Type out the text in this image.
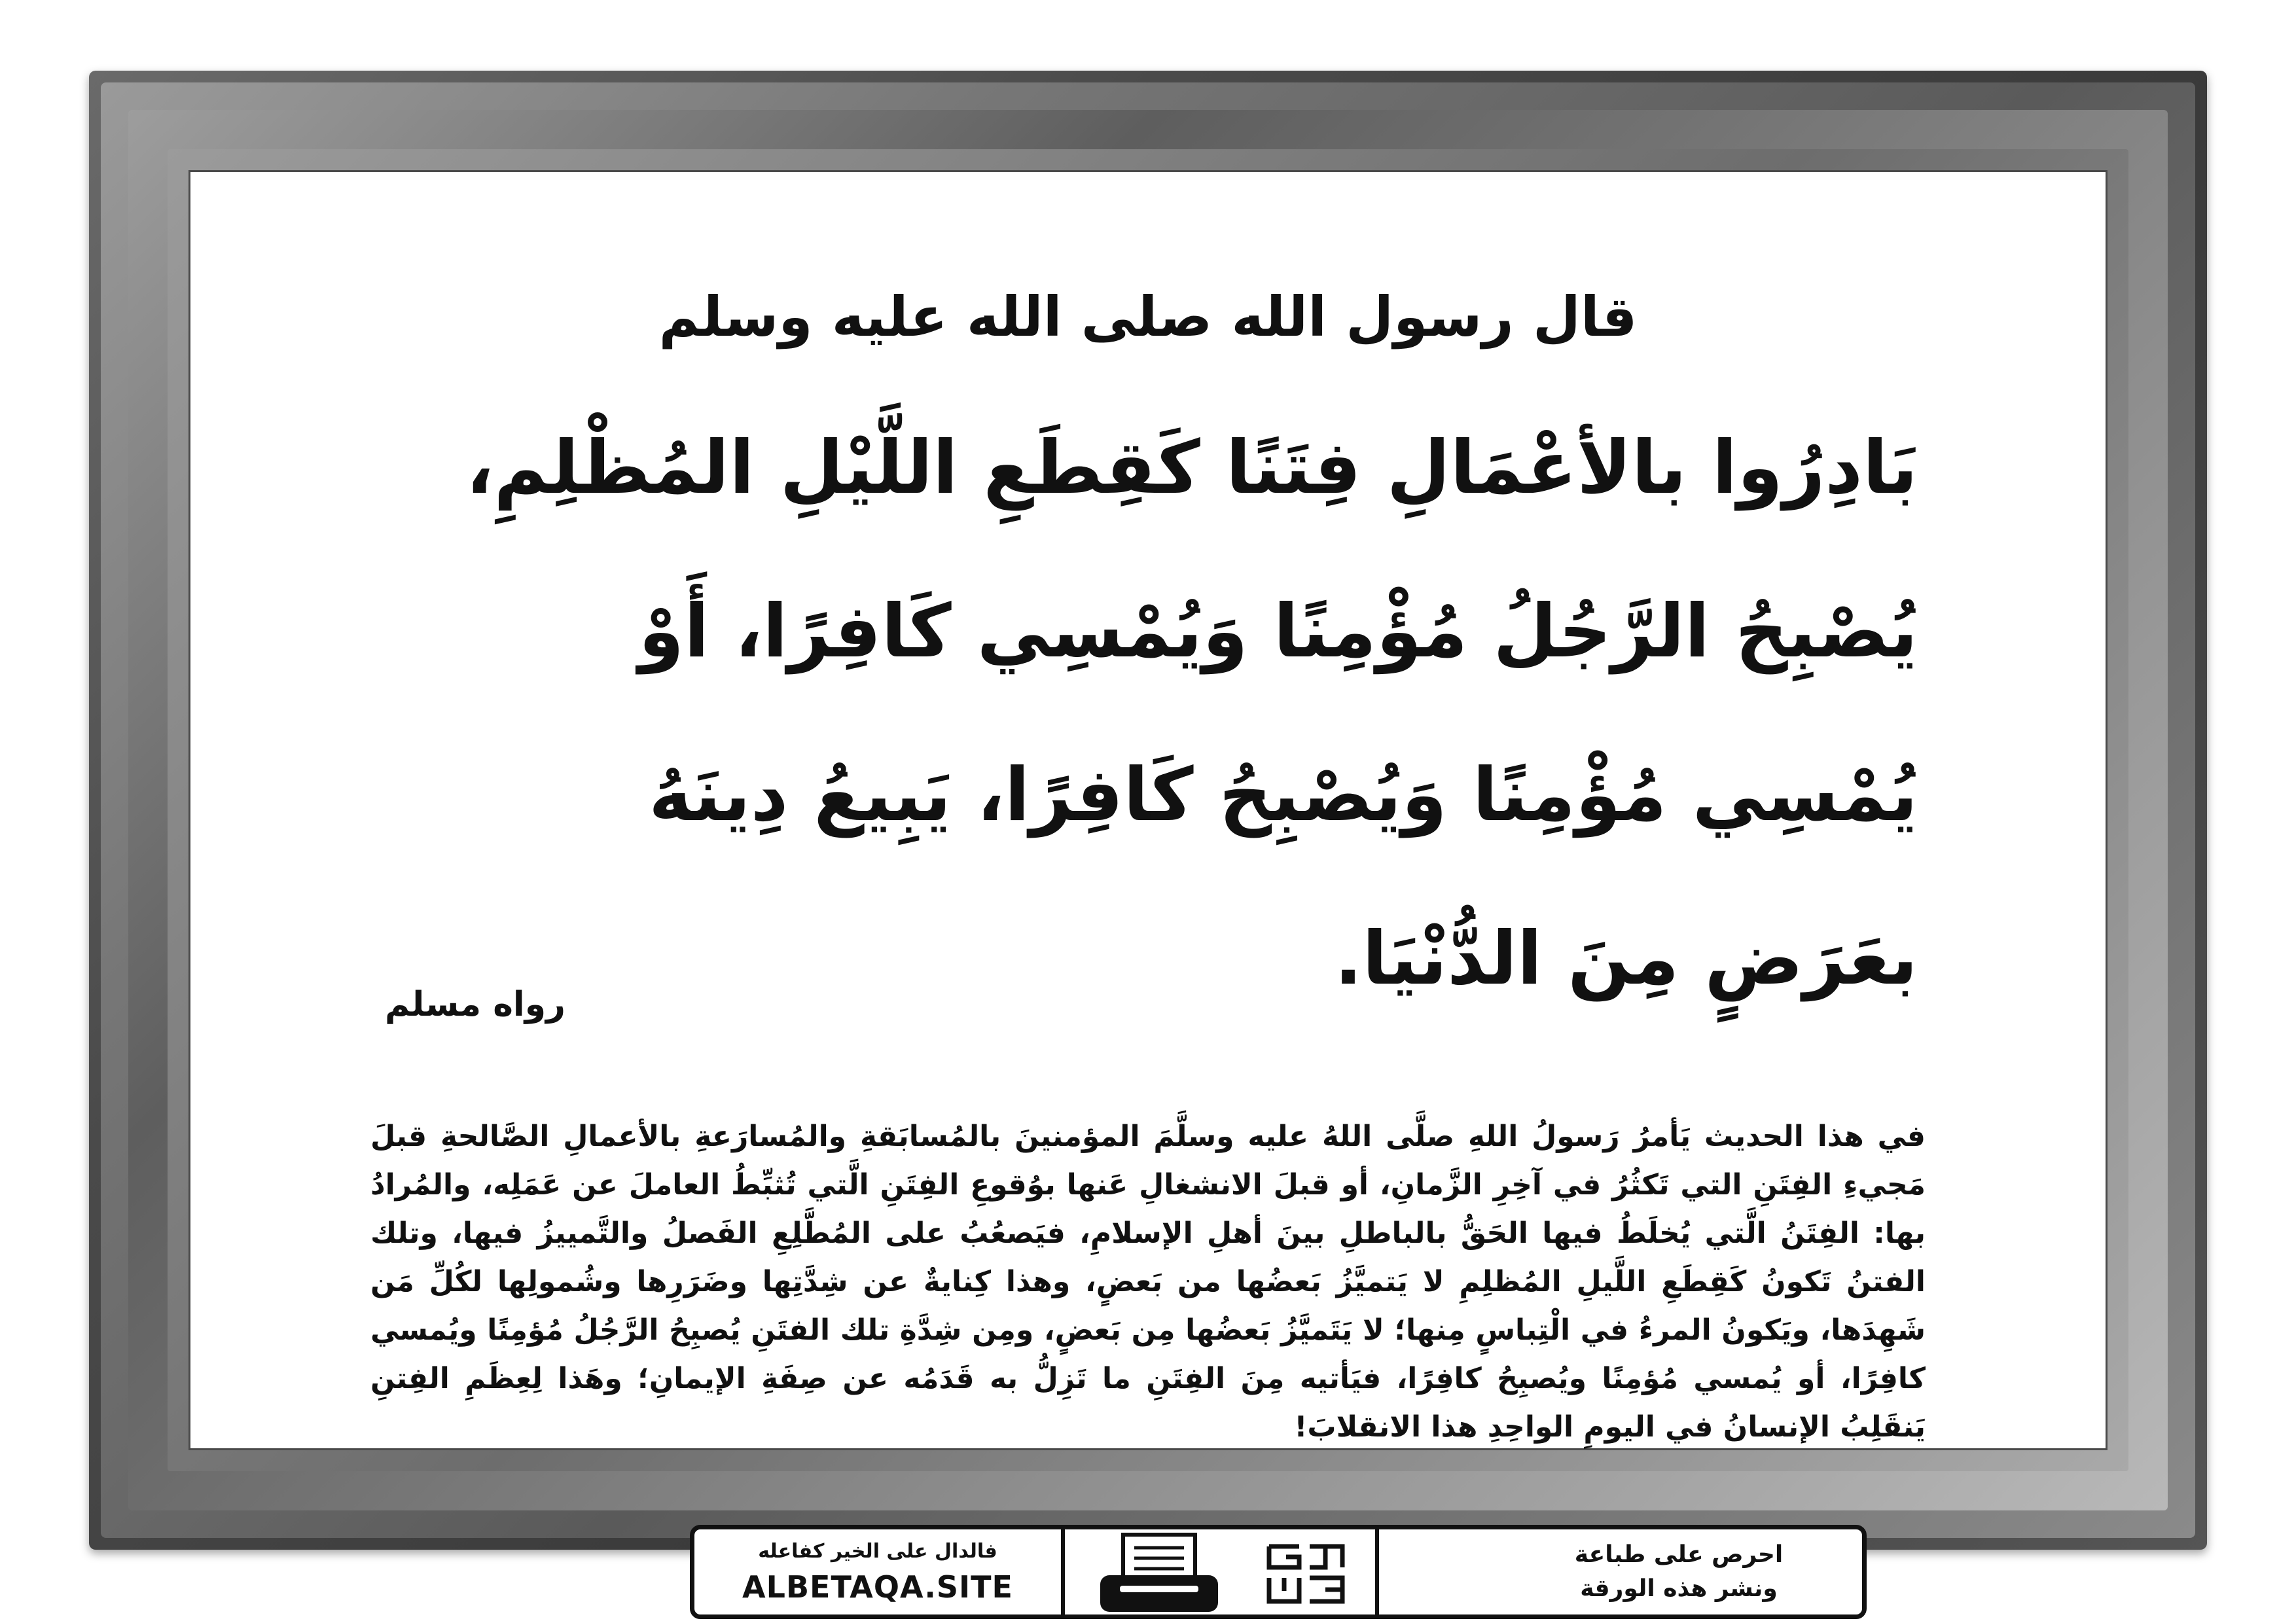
قال رسول الله صلى الله عليه وسلم
بَادِرُوا بالأعْمَالِ فِتَنًا كَقِطَعِ اللَّيْلِ المُظْلِمِ،
يُصْبِحُ الرَّجُلُ مُؤْمِنًا وَيُمْسِي كَافِرًا، أَوْ
يُمْسِي مُؤْمِنًا وَيُصْبِحُ كَافِرًا، يَبِيعُ دِينَهُ
بعَرَضٍ مِنَ الدُّنْيَا.
رواه مسلم
في هذا الحديث يَأمرُ رَسولُ اللهِ صلَّى اللهُ عليه وسلَّمَ المؤمنينَ بالمُسابَقةِ والمُسارَعةِ بالأعمالِ الصَّالحةِ قبلَ مَجيءِ الفِتَنِ التي تَكثُرُ في آخِرِ الزَّمانِ، أو قبلَ الانشغالِ عَنها بوُقوعِ الفِتَنِ الَّتي تُثبِّطُ العاملَ عن عَمَلِه، والمُرادُ بها: الفِتَنُ الَّتي يُخلَطُ فيها الحَقُّ بالباطلِ بينَ أهلِ الإسلامِ، فيَصعُبُ على المُطَّلِعِ الفَصلُ والتَّمييزُ فيها، وتلك الفتنُ تَكونُ كَقِطَعِ اللَّيلِ المُظلِمِ لا يَتميَّزُ بَعضُها من بَعضٍ، وهذا كِنايةٌ عن شِدَّتِها وضَرَرِها وشُمولِها لكُلِّ مَن شَهِدَها، ويَكونُ المرءُ في الْتِباسٍ مِنها؛ لا يَتَميَّزُ بَعضُها مِن بَعضٍ، ومِن شِدَّةِ تلك الفتَنِ يُصبِحُ الرَّجُلُ مُؤمِنًا ويُمسي كافِرًا، أو يُمسي مُؤمِنًا ويُصبِحُ كافِرًا، فيَأتيه مِنَ الفِتَنِ ما تَزِلُّ به قَدَمُه عن صِفَةِ الإيمانِ؛ وهَذا لِعِظَمِ الفِتنِ يَنقَلِبُ الإنسانُ في اليومِ الواحِدِ هذا الانقلابَ!
فالدال على الخير كفاعله
ALBETAQA.SITE
احرص على طباعة
ونشر هذه الورقة
